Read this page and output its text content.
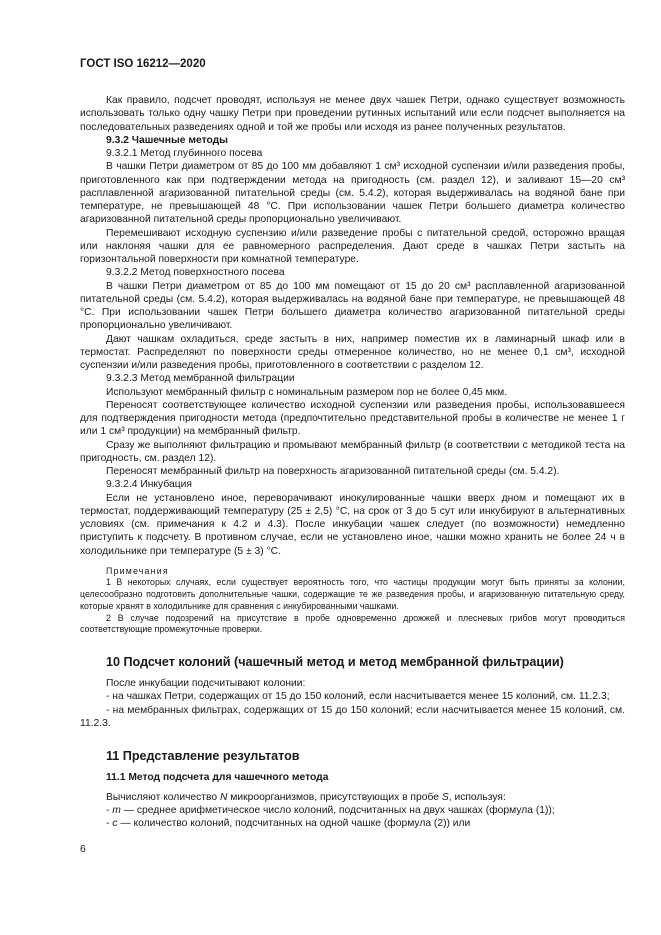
ГОСТ ISO 16212—2020

Как правило, подсчет проводят, используя не менее двух чашек Петри, однако существует возможность использовать только одну чашку Петри при проведении рутинных испытаний или если подсчет выполняется на последовательных разведениях одной и той же пробы или исходя из ранее полученных результатов.

9.3.2 Чашечные методы

9.3.2.1 Метод глубинного посева

В чашки Петри диаметром от 85 до 100 мм добавляют 1 см³ исходной суспензии и/или разведения пробы, приготовленного как при подтверждении метода на пригодность (см. раздел 12), и заливают 15—20 см³ расплавленной агаризованной питательной среды (см. 5.4.2), которая выдерживалась на водяной бане при температуре, не превышающей 48 °С. При использовании чашек Петри большего диаметра количество агаризованной питательной среды пропорционально увеличивают.

Перемешивают исходную суспензию и/или разведение пробы с питательной средой, осторожно вращая или наклоняя чашки для ее равномерного распределения. Дают среде в чашках Петри застыть на горизонтальной поверхности при комнатной температуре.

9.3.2.2 Метод поверхностного посева

В чашки Петри диаметром от 85 до 100 мм помещают от 15 до 20 см³ расплавленной агаризованной питательной среды (см. 5.4.2), которая выдерживалась на водяной бане при температуре, не превышающей 48 °С. При использовании чашек Петри большего диаметра количество агаризованной питательной среды пропорционально увеличивают.

Дают чашкам охладиться, среде застыть в них, например поместив их в ламинарный шкаф или в термостат. Распределяют по поверхности среды отмеренное количество, но не менее 0,1 см³, исходной суспензии и/или разведения пробы, приготовленного в соответствии с разделом 12.

9.3.2.3 Метод мембранной фильтрации

Используют мембранный фильтр с номинальным размером пор не более 0,45 мкм.

Переносят соответствующее количество исходной суспензии или разведения пробы, использовавшееся для подтверждения пригодности метода (предпочтительно представительной пробы в количестве не менее 1 г или 1 см³ продукции) на мембранный фильтр.

Сразу же выполняют фильтрацию и промывают мембранный фильтр (в соответствии с методикой теста на пригодность, см. раздел 12).

Переносят мембранный фильтр на поверхность агаризованной питательной среды (см. 5.4.2).

9.3.2.4 Инкубация

Если не установлено иное, переворачивают инокулированные чашки вверх дном и помещают их в термостат, поддерживающий температуру (25 ± 2,5) °С, на срок от 3 до 5 сут или инкубируют в альтернативных условиях (см. примечания к 4.2 и 4.3). После инкубации чашек следует (по возможности) немедленно приступить к подсчету. В противном случае, если не установлено иное, чашки можно хранить не более 24 ч в холодильнике при температуре (5 ± 3) °С.

Примечания

1 В некоторых случаях, если существует вероятность того, что частицы продукции могут быть приняты за колонии, целесообразно подготовить дополнительные чашки, содержащие те же разведения пробы, и агаризованную питательную среду, которые хранят в холодильнике для сравнения с инкубированными чашками.

2 В случае подозрений на присутствие в пробе одновременно дрожжей и плесневых грибов могут проводиться соответствующие промежуточные проверки.

10 Подсчет колоний (чашечный метод и метод мембранной фильтрации)

После инкубации подсчитывают колонии:

- на чашках Петри, содержащих от 15 до 150 колоний, если насчитывается менее 15 колоний, см. 11.2.3;

- на мембранных фильтрах, содержащих от 15 до 150 колоний; если насчитывается менее 15 колоний, см. 11.2.3.

11 Представление результатов

11.1 Метод подсчета для чашечного метода

Вычисляют количество N микроорганизмов, присутствующих в пробе S, используя:

- m — среднее арифметическое число колоний, подсчитанных на двух чашках (формула (1));

- c — количество колоний, подсчитанных на одной чашке (формула (2)) или

6
